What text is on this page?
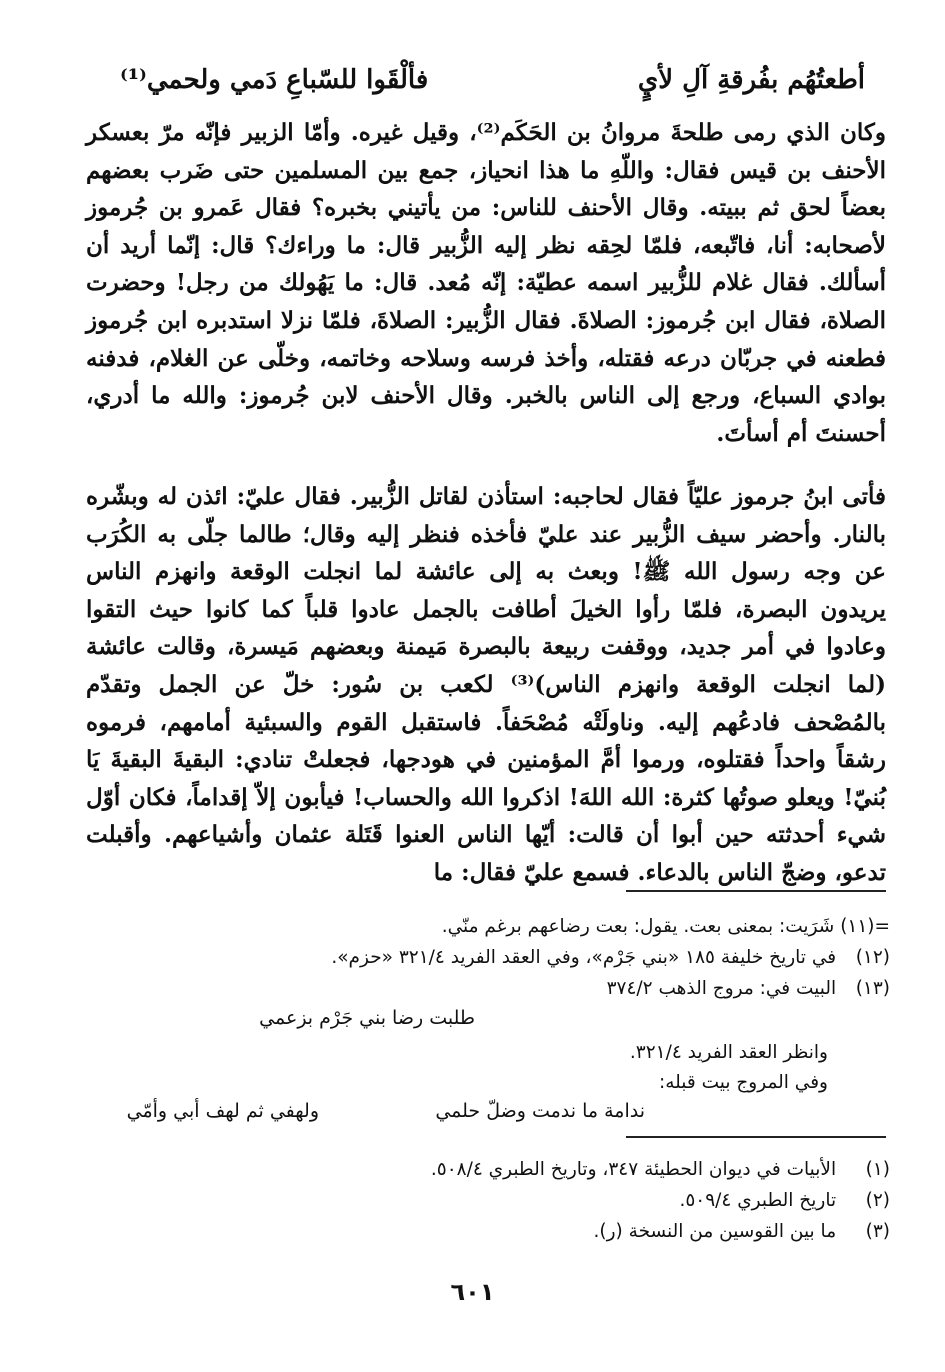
أطعتُهُم بفُرقةِ آلِ لأيٍ
فألْقَوا للسّباعِ دَمي ولحمي⁽¹⁾
وكان الذي رمى طلحةَ مروانُ بن الحَكَم⁽²⁾، وقيل غيره. وأمّا الزبير فإنّه مرّ بعسكر الأحنف بن قيس فقال: واللّهِ ما هذا انحياز، جمع بين المسلمين حتى ضَرب بعضهم بعضاً لحق ثم ببيته. وقال الأحنف للناس: من يأتيني بخبره؟ فقال عَمرو بن جُرموز لأصحابه: أنا، فاتّبعه، فلمّا لحِقه نظر إليه الزُّبير قال: ما وراءك؟ قال: إنّما أريد أن أسألك. فقال غلام للزُّبير اسمه عطيّة: إنّه مُعد. قال: ما يَهُولك من رجل! وحضرت الصلاة، فقال ابن جُرموز: الصلاةَ. فقال الزُّبير: الصلاةَ، فلمّا نزلا استدبره ابن جُرموز فطعنه في جربّان درعه فقتله، وأخذ فرسه وسلاحه وخاتمه، وخلّى عن الغلام، فدفنه بوادي السباع، ورجع إلى الناس بالخبر. وقال الأحنف لابن جُرموز: والله ما أدري، أحسنتَ أم أسأتَ.
فأتى ابنُ جرموز عليّاً فقال لحاجبه: استأذن لقاتل الزُّبير. فقال عليّ: ائذن له وبشّره بالنار. وأحضر سيف الزُّبير عند عليّ فأخذه فنظر إليه وقال؛ طالما جلّى به الكُرَب عن وجه رسول الله ﷺ! وبعث به إلى عائشة لما انجلت الوقعة وانهزم الناس يريدون البصرة، فلمّا رأوا الخيلَ أطافت بالجمل عادوا قلباً كما كانوا حيث التقوا وعادوا في أمر جديد، ووقفت ربيعة بالبصرة مَيمنة وبعضهم مَيسرة، وقالت عائشة (لما انجلت الوقعة وانهزم الناس)⁽³⁾ لكعب بن سُور: خلّ عن الجمل وتقدّم بالمُصْحف فادعُهم إليه. وناولَتْه مُصْحَفاً. فاستقبل القوم والسبئية أمامهم، فرموه رشقاً واحداً فقتلوه، ورموا أمَّ المؤمنين في هودجها، فجعلتْ تنادي: البقيةَ البقيةَ يَا بُنيّ! ويعلو صوتُها كثرة: الله اللهَ! اذكروا الله والحساب! فيأبون إلاّ إقداماً، فكان أوّل شيء أحدثته حين أبوا أن قالت: أيّها الناس العنوا قَتَلة عثمان وأشياعهم. وأقبلت تدعو، وضجّ الناس بالدعاء. فسمع عليّ فقال: ما
=(١١) شَرَيت: بمعنى بعت. يقول: بعت رضاعهم برغم منّي.
(١٢) في تاريخ خليفة ١٨٥ «بني جَرْم»، وفي العقد الفريد ٣٢١/٤ «حزم».
(١٣) البيت في: مروج الذهب ٣٧٤/٢
طلبت رضا بني جَرْم بزعمي
وانظر العقد الفريد ٣٢١/٤.
وفي المروج بيت قبله:
ندامة ما ندمت وضلّ حلمي
ولهفي ثم لهف أبي وأمّي
(١) الأبيات في ديوان الحطيئة ٣٤٧، وتاريخ الطبري ٥٠٨/٤.
(٢) تاريخ الطبري ٥٠٩/٤.
(٣) ما بين القوسين من النسخة (ر).
٦٠١
